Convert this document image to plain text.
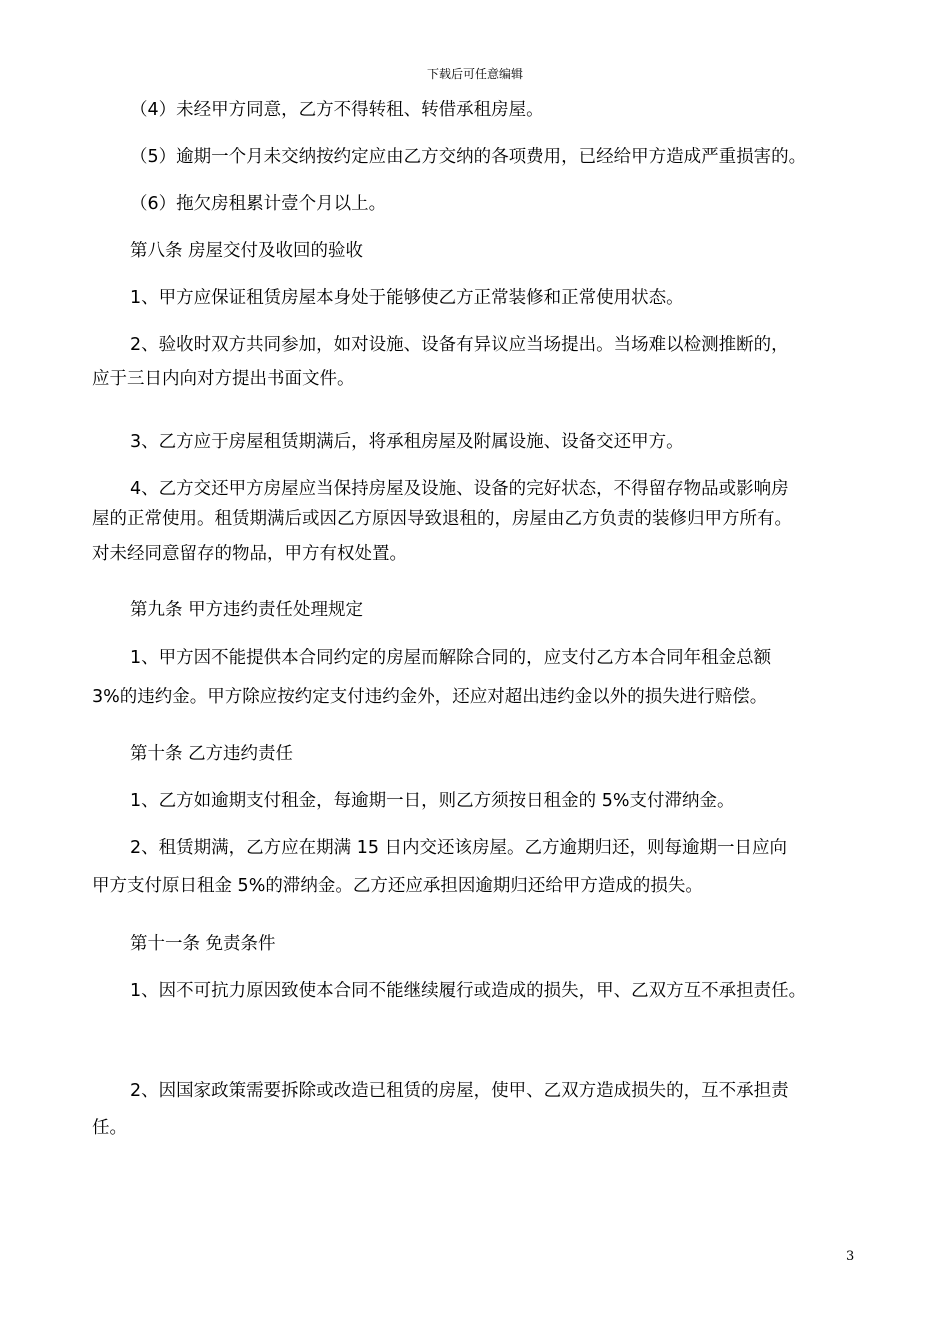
下载后可任意编辑

（4）未经甲方同意，乙方不得转租、转借承租房屋。

（5）逾期一个月未交纳按约定应由乙方交纳的各项费用，已经给甲方造成严重损害的。

（6）拖欠房租累计壹个月以上。

第八条 房屋交付及收回的验收

1、甲方应保证租赁房屋本身处于能够使乙方正常装修和正常使用状态。

2、验收时双方共同参加，如对设施、设备有异议应当场提出。当场难以检测推断的，
应于三日内向对方提出书面文件。

3、乙方应于房屋租赁期满后，将承租房屋及附属设施、设备交还甲方。

4、乙方交还甲方房屋应当保持房屋及设施、设备的完好状态，不得留存物品或影响房
屋的正常使用。租赁期满后或因乙方原因导致退租的，房屋由乙方负责的装修归甲方所有。
对未经同意留存的物品，甲方有权处置。

第九条 甲方违约责任处理规定

1、甲方因不能提供本合同约定的房屋而解除合同的，应支付乙方本合同年租金总额
3%的违约金。甲方除应按约定支付违约金外，还应对超出违约金以外的损失进行赔偿。

第十条 乙方违约责任

1、乙方如逾期支付租金，每逾期一日，则乙方须按日租金的 5%支付滞纳金。

2、租赁期满，乙方应在期满 15 日内交还该房屋。乙方逾期归还，则每逾期一日应向
甲方支付原日租金 5%的滞纳金。乙方还应承担因逾期归还给甲方造成的损失。

第十一条 免责条件

1、因不可抗力原因致使本合同不能继续履行或造成的损失，甲、乙双方互不承担责任。

2、因国家政策需要拆除或改造已租赁的房屋，使甲、乙双方造成损失的，互不承担责
任。

3
